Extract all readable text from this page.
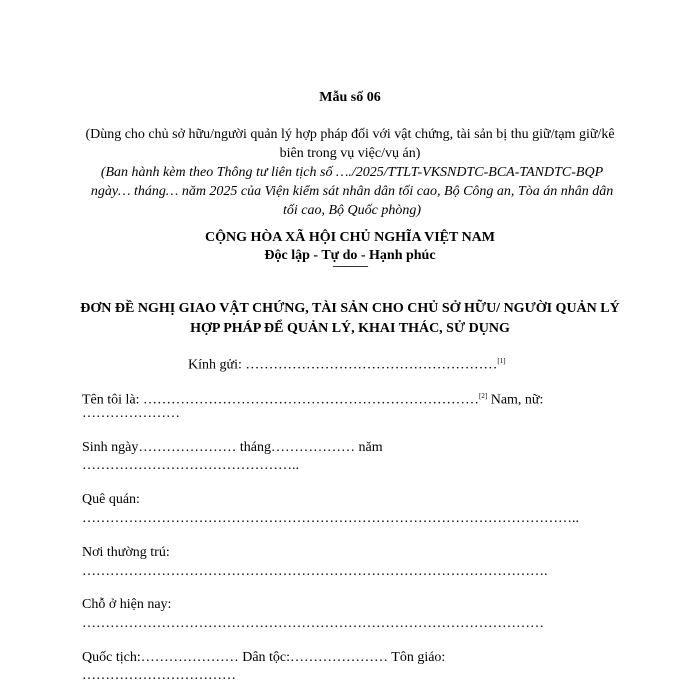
Mẫu số 06
(Dùng cho chủ sở hữu/người quản lý hợp pháp đối với vật chứng, tài sản bị thu giữ/tạm giữ/kê biên trong vụ việc/vụ án)
(Ban hành kèm theo Thông tư liên tịch số …./2025/TTLT-VKSNDTC-BCA-TANDTC-BQP ngày… tháng… năm 2025 của Viện kiểm sát nhân dân tối cao, Bộ Công an, Tòa án nhân dân tối cao, Bộ Quốc phòng)
CỘNG HÒA XÃ HỘI CHỦ NGHĨA VIỆT NAM
Độc lập - Tự do - Hạnh phúc
---------------
ĐƠN ĐỀ NGHỊ GIAO VẬT CHỨNG, TÀI SẢN CHO CHỦ SỞ HỮU/ NGƯỜI QUẢN LÝ HỢP PHÁP ĐỂ QUẢN LÝ, KHAI THÁC, SỬ DỤNG
Kính gửi: ………………………………………………[1]
Tên tôi là: ………………………………………………………………[2] Nam, nữ:
…………………
Sinh ngày………………… tháng……………… năm
………………………………………..
Quê quán:
……………………………………………………………………………………………..
Nơi thường trú:
……………………………………………………………………………………….
Chỗ ở hiện nay:
………………………………………………………………………………………
Quốc tịch:………………… Dân tộc:………………… Tôn giáo:
……………………………
